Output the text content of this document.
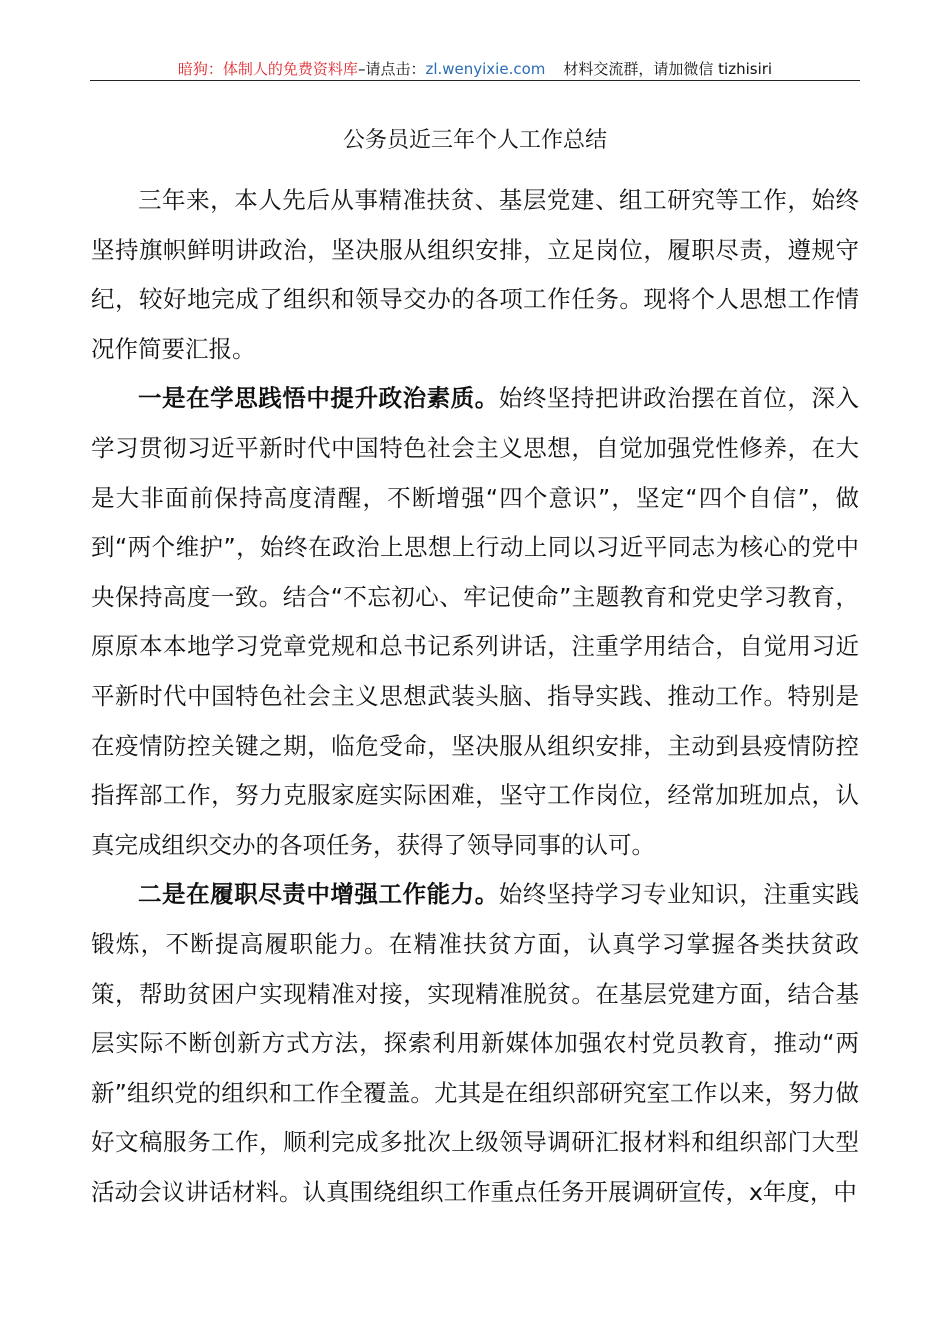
暗狗：体制人的免费资料库–请点击：zl.wenyixie.com 材料交流群，请加微信 tizhisiri
公务员近三年个人工作总结

三年来，本人先后从事精准扶贫、基层党建、组工研究等工作，始终坚持旗帜鲜明讲政治，坚决服从组织安排，立足岗位，履职尽责，遵规守纪，较好地完成了组织和领导交办的各项工作任务。现将个人思想工作情况作简要汇报。

一是在学思践悟中提升政治素质。始终坚持把讲政治摆在首位，深入学习贯彻习近平新时代中国特色社会主义思想，自觉加强党性修养，在大是大非面前保持高度清醒，不断增强“四个意识”，坚定“四个自信”，做到“两个维护”，始终在政治上思想上行动上同以习近平同志为核心的党中央保持高度一致。结合“不忘初心、牢记使命”主题教育和党史学习教育，原原本本地学习党章党规和总书记系列讲话，注重学用结合，自觉用习近平新时代中国特色社会主义思想武装头脑、指导实践、推动工作。特别是在疫情防控关键之期，临危受命，坚决服从组织安排，主动到县疫情防控指挥部工作，努力克服家庭实际困难，坚守工作岗位，经常加班加点，认真完成组织交办的各项任务，获得了领导同事的认可。

二是在履职尽责中增强工作能力。始终坚持学习专业知识，注重实践锻炼，不断提高履职能力。在精准扶贫方面，认真学习掌握各类扶贫政策，帮助贫困户实现精准对接，实现精准脱贫。在基层党建方面，结合基层实际不断创新方式方法，探索利用新媒体加强农村党员教育，推动“两新”组织党的组织和工作全覆盖。尤其是在组织部研究室工作以来，努力做好文稿服务工作，顺利完成多批次上级领导调研汇报材料和组织部门大型活动会议讲话材料。认真围绕组织工作重点任务开展调研宣传，x年度，中
